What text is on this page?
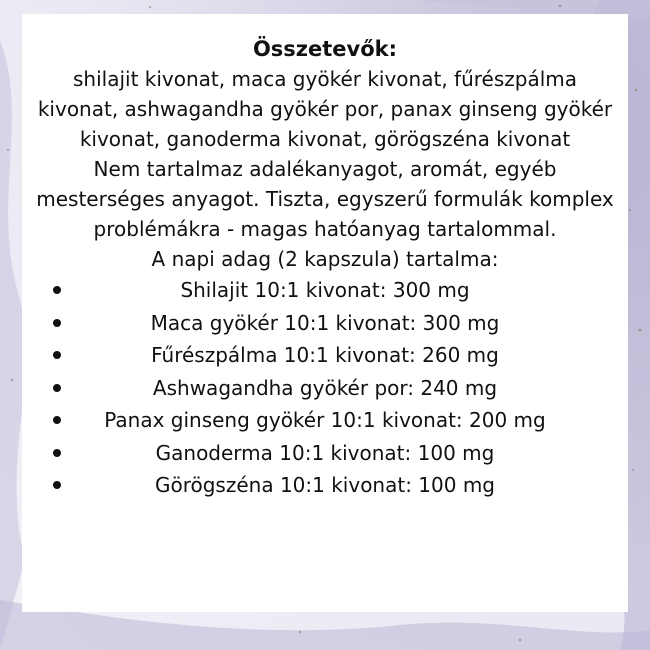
Összetevők:

shilajit kivonat, maca gyökér kivonat, fűrészpálma kivonat, ashwagandha gyökér por, panax ginseng gyökér kivonat, ganoderma kivonat, görögszéna kivonat

Nem tartalmaz adalékanyagot, aromát, egyéb mesterséges anyagot. Tiszta, egyszerű formulák komplex problémákra - magas hatóanyag tartalommal.

A napi adag (2 kapszula) tartalma:

Shilajit 10:1 kivonat: 300 mg
Maca gyökér 10:1 kivonat: 300 mg
Fűrészpálma 10:1 kivonat: 260 mg
Ashwagandha gyökér por: 240 mg
Panax ginseng gyökér 10:1 kivonat: 200 mg
Ganoderma 10:1 kivonat: 100 mg
Görögszéna 10:1 kivonat: 100 mg
